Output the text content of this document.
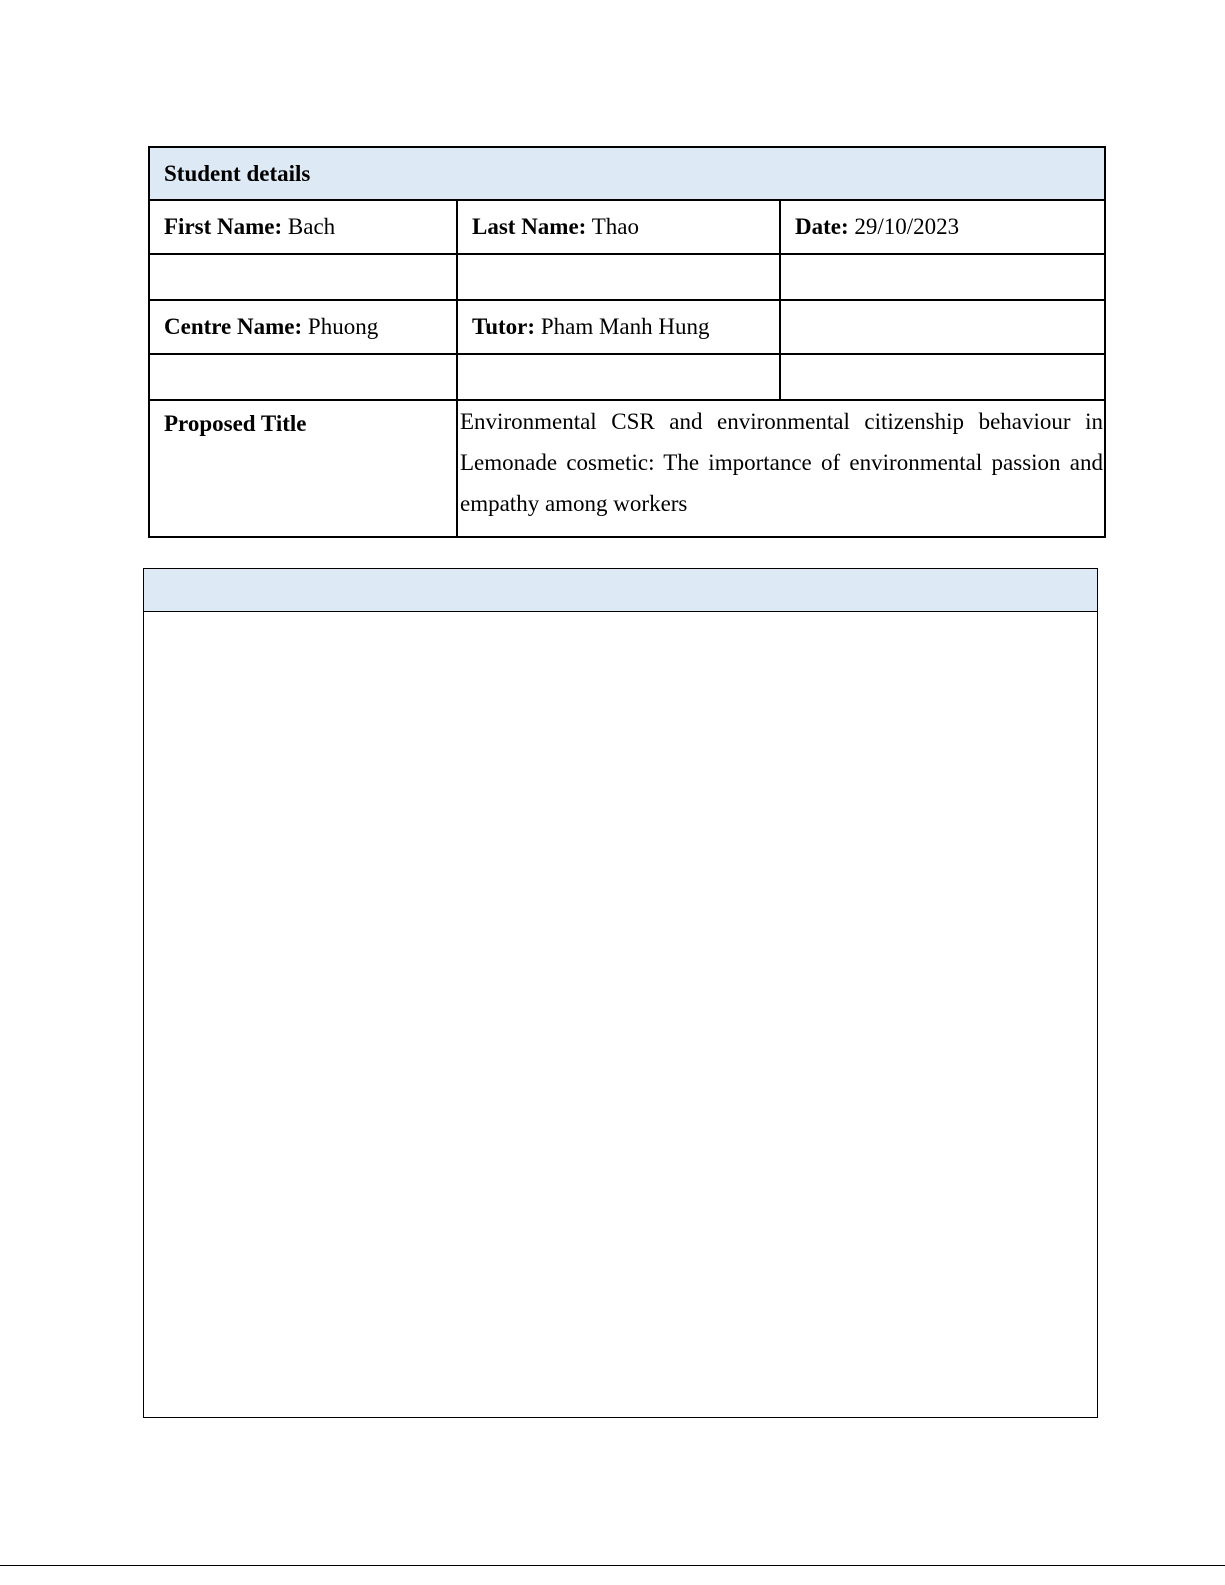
Student details		
First Name: Bach	Last Name: Thao	Date: 29/10/2023

Centre Name: Phuong	Tutor: Pham Manh Hung	

Proposed Title	Environmental CSR and environmental citizenship behaviour in Lemonade cosmetic: The importance of environmental passion and empathy among workers	
